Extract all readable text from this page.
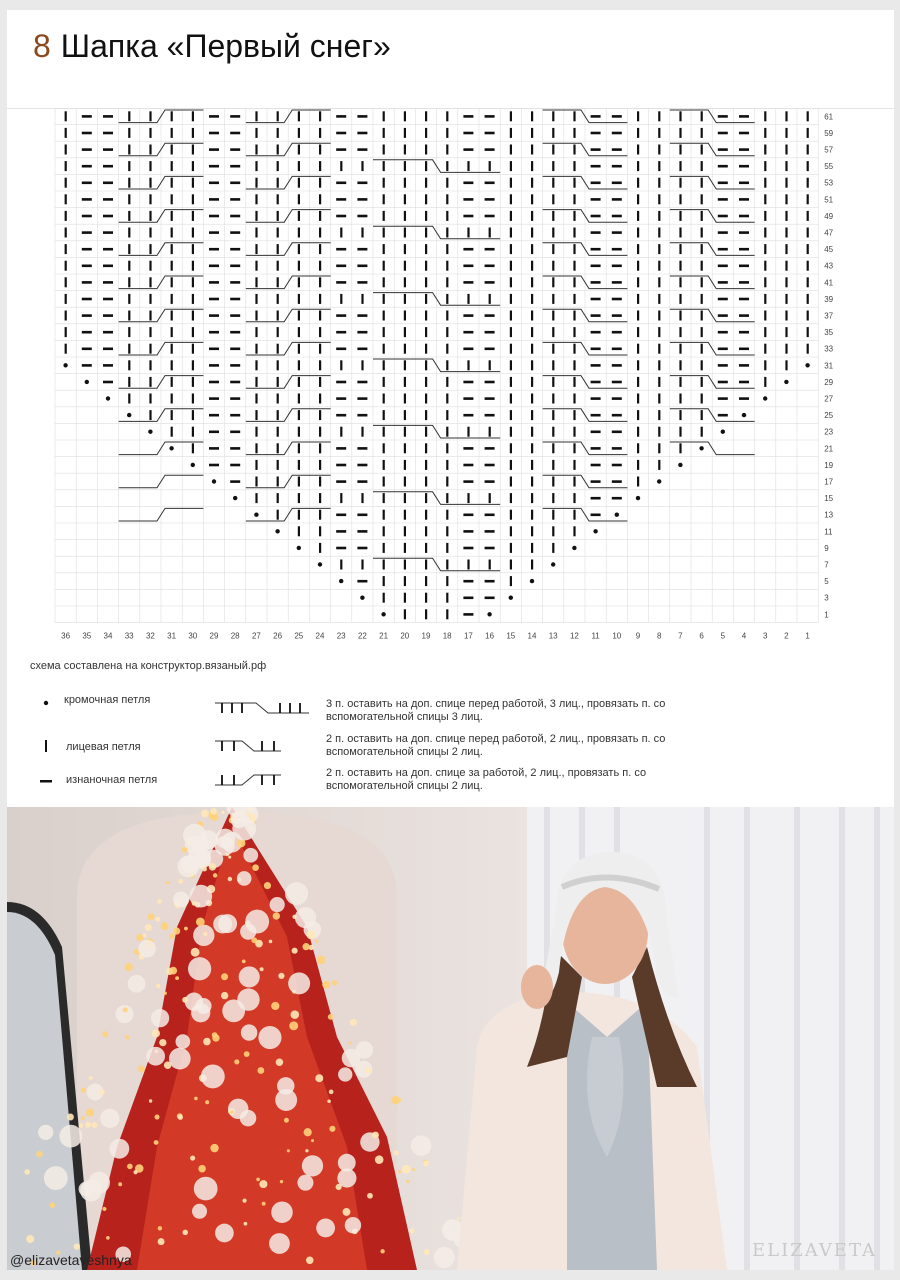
8 Шапка «Первый снег»
61
59
57
55
53
51
49
47
45
43
41
39
37
35
33
31
29
27
25
23
21
19
17
15
13
11
9
7
5
3
1
36 35 34 33 32 31 30 29 28 27 26 25 24 23 22 21 20 19 18 17 16 15 14 13 12 11 10 9 8 7 6 5 4 3 2 1
схема составлена на конструктор.вязаный.рф
кромочная петля
лицевая петля
изнаночная петля
3 п. оставить на доп. спице перед работой, 3 лиц., провязать п. со вспомогательной спицы 3 лиц.
2 п. оставить на доп. спице перед работой, 2 лиц., провязать п. со вспомогательной спицы 2 лиц.
2 п. оставить на доп. спице за работой, 2 лиц., провязать п. со вспомогательной спицы 2 лиц.
@elizavetaveshnya	ELIZAVETA
